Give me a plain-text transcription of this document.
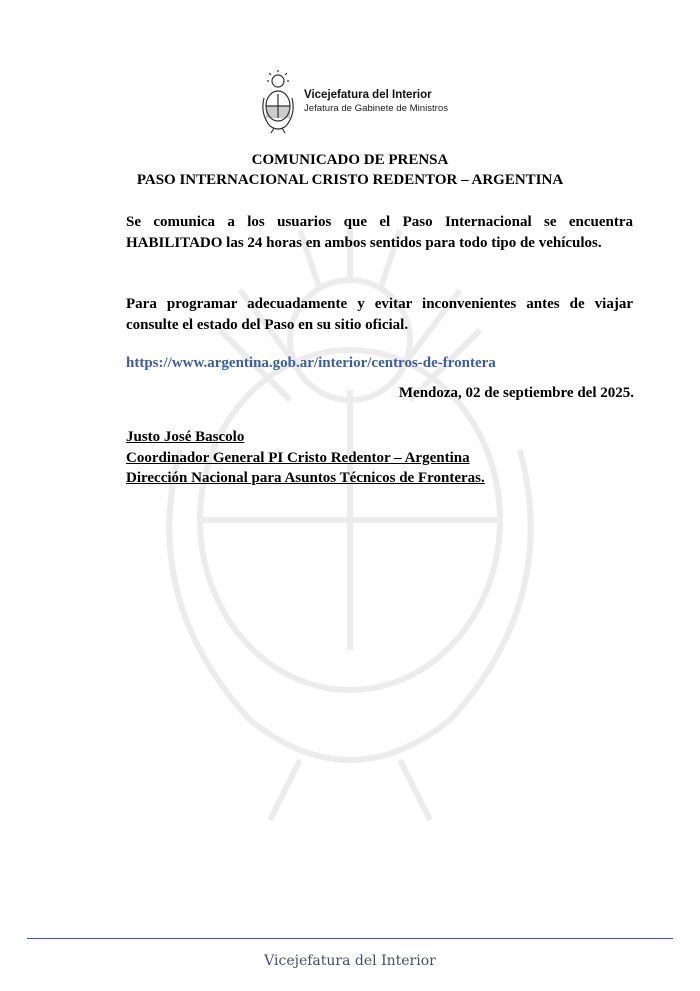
Vicejefatura del Interior
Jefatura de Gabinete de Ministros
COMUNICADO DE PRENSA
PASO INTERNACIONAL CRISTO REDENTOR – ARGENTINA
Se comunica a los usuarios que el Paso Internacional se encuentra HABILITADO las 24 horas en ambos sentidos para todo tipo de vehículos.
Para programar adecuadamente y evitar inconvenientes antes de viajar consulte el estado del Paso en su sitio oficial.
https://www.argentina.gob.ar/interior/centros-de-frontera
Mendoza, 02 de septiembre del 2025.
Justo José Bascolo
Coordinador General PI Cristo Redentor – Argentina
Dirección Nacional para Asuntos Técnicos de Fronteras.
Vicejefatura del Interior
